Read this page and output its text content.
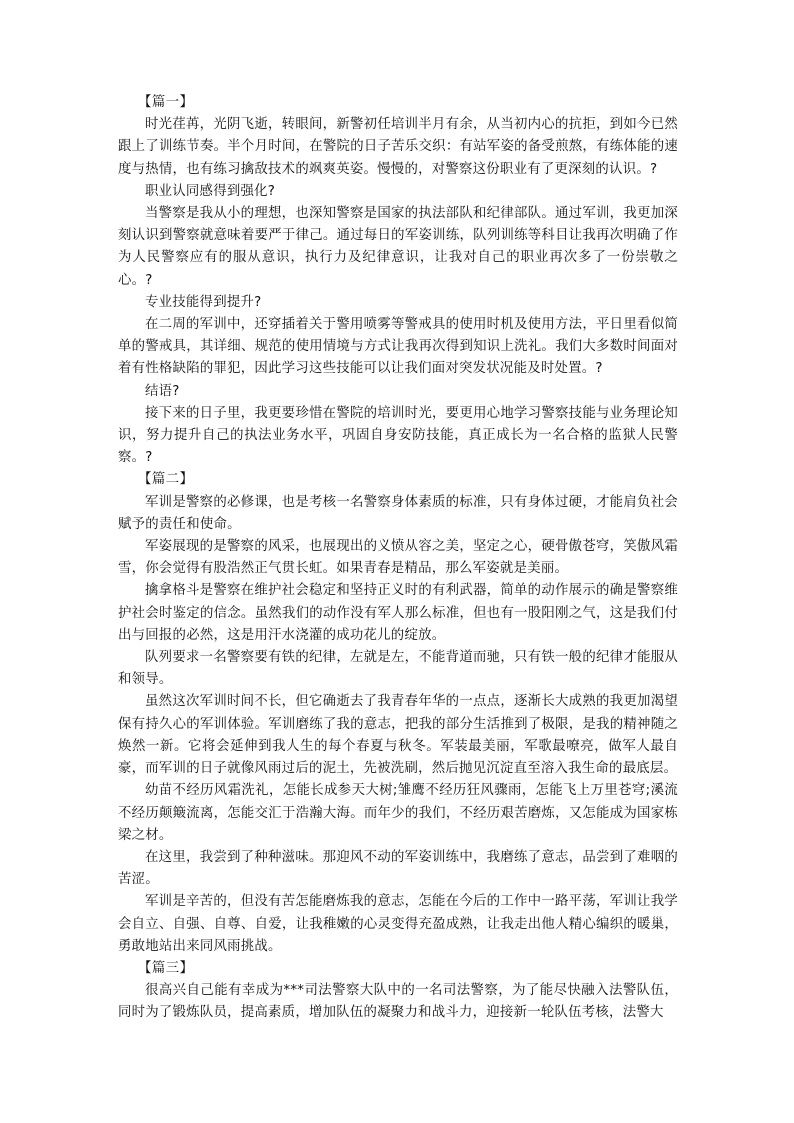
【篇一】

时光荏苒，光阴飞逝，转眼间，新警初任培训半月有余，从当初内心的抗拒，到如今已然跟上了训练节奏。半个月时间，在警院的日子苦乐交织：有站军姿的备受煎熬，有练体能的速度与热情，也有练习擒敌技术的飒爽英姿。慢慢的，对警察这份职业有了更深刻的认识。?

职业认同感得到强化?

当警察是我从小的理想，也深知警察是国家的执法部队和纪律部队。通过军训，我更加深刻认识到警察就意味着要严于律己。通过每日的军姿训练，队列训练等科目让我再次明确了作为人民警察应有的服从意识，执行力及纪律意识，让我对自己的职业再次多了一份崇敬之心。?

专业技能得到提升?

在二周的军训中，还穿插着关于警用喷雾等警戒具的使用时机及使用方法，平日里看似简单的警戒具，其详细、规范的使用情境与方式让我再次得到知识上洗礼。我们大多数时间面对着有性格缺陷的罪犯，因此学习这些技能可以让我们面对突发状况能及时处置。?

结语?

接下来的日子里，我更要珍惜在警院的培训时光，要更用心地学习警察技能与业务理论知识，努力提升自己的执法业务水平，巩固自身安防技能，真正成长为一名合格的监狱人民警察。?

【篇二】

军训是警察的必修课，也是考核一名警察身体素质的标准，只有身体过硬，才能肩负社会赋予的责任和使命。

军姿展现的是警察的风采，也展现出的义愤从容之美，坚定之心，硬骨傲苍穹，笑傲风霜雪，你会觉得有股浩然正气贯长虹。如果青春是精品，那么军姿就是美丽。

擒拿格斗是警察在维护社会稳定和坚持正义时的有利武器，简单的动作展示的确是警察维护社会时鉴定的信念。虽然我们的动作没有军人那么标准，但也有一股阳刚之气，这是我们付出与回报的必然，这是用汗水浇灌的成功花儿的绽放。

队列要求一名警察要有铁的纪律，左就是左，不能背道而驰，只有铁一般的纪律才能服从和领导。

虽然这次军训时间不长，但它确逝去了我青春年华的一点点，逐渐长大成熟的我更加渴望保有持久心的军训体验。军训磨练了我的意志，把我的部分生活推到了极限，是我的精神随之焕然一新。它将会延伸到我人生的每个春夏与秋冬。军装最美丽，军歌最嘹亮，做军人最自豪，而军训的日子就像风雨过后的泥土，先被洗刷，然后抛见沉淀直至溶入我生命的最底层。

幼苗不经历风霜洗礼，怎能长成参天大树;雏鹰不经历狂风骤雨，怎能飞上万里苍穹;溪流不经历颠簸流离，怎能交汇于浩瀚大海。而年少的我们，不经历艰苦磨炼，又怎能成为国家栋梁之材。

在这里，我尝到了种种滋味。那迎风不动的军姿训练中，我磨练了意志，品尝到了难咽的苦涩。

军训是辛苦的，但没有苦怎能磨炼我的意志，怎能在今后的工作中一路平荡，军训让我学会自立、自强、自尊、自爱，让我稚嫩的心灵变得充盈成熟，让我走出他人精心编织的暖巢，勇敢地站出来同风雨挑战。

【篇三】

很高兴自己能有幸成为***司法警察大队中的一名司法警察，为了能尽快融入法警队伍，同时为了锻炼队员，提高素质，增加队伍的凝聚力和战斗力，迎接新一轮队伍考核，法警大
